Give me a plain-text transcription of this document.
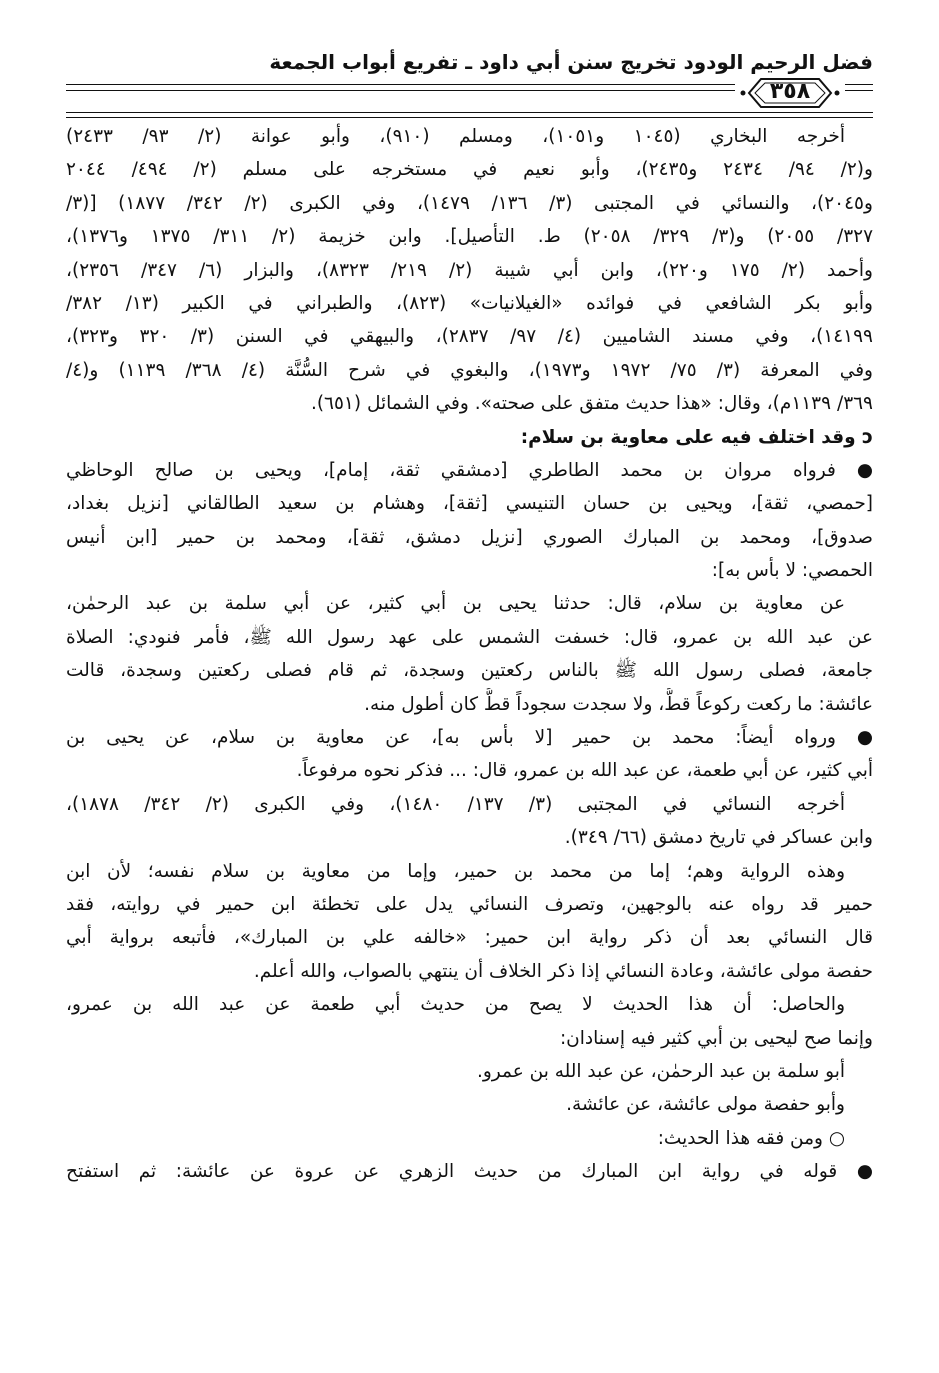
فضل الرحيم الودود تخريج سنن أبي داود ـ تفريع أبواب الجمعة
٣٥٨
أخرجه البخاري (١٠٤٥ و١٠٥١)، ومسلم (٩١٠)، وأبو عوانة (٢/ ٩٣/ ٢٤٣٣)
و(٢/ ٩٤/ ٢٤٣٤ و٢٤٣٥)، وأبو نعيم في مستخرجه على مسلم (٢/ ٤٩٤/ ٢٠٤٤
و٢٠٤٥)، والنسائي في المجتبى (٣/ ١٣٦/ ١٤٧٩)، وفي الكبرى (٢/ ٣٤٢/ ١٨٧٧) [(٣/
٣٢٧/ ٢٠٥٥) و(٣/ ٣٢٩/ ٢٠٥٨) ط. التأصيل]. وابن خزيمة (٢/ ٣١١/ ١٣٧٥ و١٣٧٦)،
وأحمد (٢/ ١٧٥ و٢٢٠)، وابن أبي شيبة (٢/ ٢١٩/ ٨٣٢٣)، والبزار (٦/ ٣٤٧/ ٢٣٥٦)،
وأبو بكر الشافعي في فوائده «الغيلانيات» (٨٢٣)، والطبراني في الكبير (١٣/ ٣٨٢/
١٤١٩٩)، وفي مسند الشاميين (٤/ ٩٧/ ٢٨٣٧)، والبيهقي في السنن (٣/ ٣٢٠ و٣٢٣)،
وفي المعرفة (٣/ ٧٥/ ١٩٧٢ و١٩٧٣)، والبغوي في شرح السُّنَّة (٤/ ٣٦٨/ ١١٣٩) و(٤/
٣٦٩/ ١١٣٩م)، وقال: «هذا حديث متفق على صحته». وفي الشمائل (٦٥١).
ɔ وقد اختلف فيه على معاوية بن سلام:
● فرواه مروان بن محمد الطاطري [دمشقي ثقة، إمام]، ويحيى بن صالح الوحاظي
[حمصي، ثقة]، ويحيى بن حسان التنيسي [ثقة]، وهشام بن سعيد الطالقاني [نزيل بغداد،
صدوق]، ومحمد بن المبارك الصوري [نزيل دمشق، ثقة]، ومحمد بن حمير [ابن أنيس
الحمصي: لا بأس به]:
عن معاوية بن سلام، قال: حدثنا يحيى بن أبي كثير، عن أبي سلمة بن عبد الرحمٰن،
عن عبد الله بن عمرو، قال: خسفت الشمس على عهد رسول الله ﷺ، فأمر فنودي: الصلاة
جامعة، فصلى رسول الله ﷺ بالناس ركعتين وسجدة، ثم قام فصلى ركعتين وسجدة، قالت
عائشة: ما ركعت ركوعاً قطُّ، ولا سجدت سجوداً قطُّ كان أطول منه.
● ورواه أيضاً: محمد بن حمير [لا بأس به]، عن معاوية بن سلام، عن يحيى بن
أبي كثير، عن أبي طعمة، عن عبد الله بن عمرو، قال: ... فذكر نحوه مرفوعاً.
أخرجه النسائي في المجتبى (٣/ ١٣٧/ ١٤٨٠)، وفي الكبرى (٢/ ٣٤٢/ ١٨٧٨)،
وابن عساكر في تاريخ دمشق (٦٦/ ٣٤٩).
وهذه الرواية وهم؛ إما من محمد بن حمير، وإما من معاوية بن سلام نفسه؛ لأن ابن
حمير قد رواه عنه بالوجهين، وتصرف النسائي يدل على تخطئة ابن حمير في روايته، فقد
قال النسائي بعد أن ذكر رواية ابن حمير: «خالفه علي بن المبارك»، فأتبعه برواية أبي
حفصة مولى عائشة، وعادة النسائي إذا ذكر الخلاف أن ينتهي بالصواب، والله أعلم.
والحاصل: أن هذا الحديث لا يصح من حديث أبي طعمة عن عبد الله بن عمرو،
وإنما صح ليحيى بن أبي كثير فيه إسنادان:
أبو سلمة بن عبد الرحمٰن، عن عبد الله بن عمرو.
وأبو حفصة مولى عائشة، عن عائشة.
○ ومن فقه هذا الحديث:
● قوله في رواية ابن المبارك من حديث الزهري عن عروة عن عائشة: ثم استفتح
